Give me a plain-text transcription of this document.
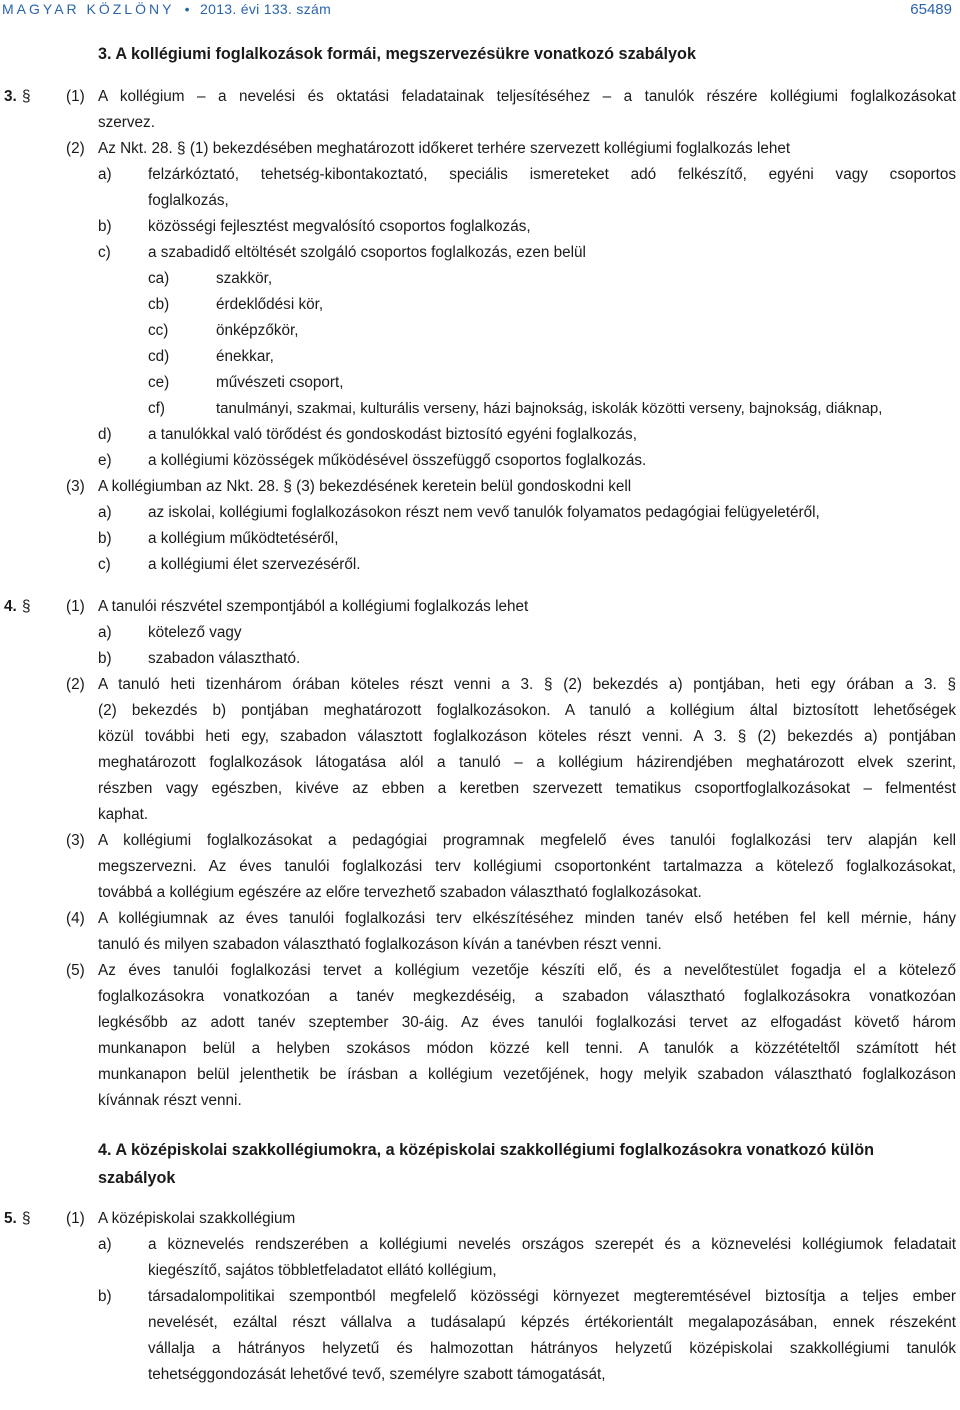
MAGYAR KÖZLÖNY • 2013. évi 133. szám	65489
3. A kollégiumi foglalkozások formái, megszervezésükre vonatkozó szabályok
3. § (1) A kollégium – a nevelési és oktatási feladatainak teljesítéséhez – a tanulók részére kollégiumi foglalkozásokat
szervez.
(2) Az Nkt. 28. § (1) bekezdésében meghatározott időkeret terhére szervezett kollégiumi foglalkozás lehet
a) felzárkóztató, tehetség-kibontakoztató, speciális ismereteket adó felkészítő, egyéni vagy csoportos
foglalkozás,
b) közösségi fejlesztést megvalósító csoportos foglalkozás,
c) a szabadidő eltöltését szolgáló csoportos foglalkozás, ezen belül
ca)	szakkör,
cb)	érdeklődési kör,
cc)	önképzőkör,
cd)	énekkar,
ce)	művészeti csoport,
cf)	tanulmányi, szakmai, kulturális verseny, házi bajnokság, iskolák közötti verseny, bajnokság, diáknap,
d) a tanulókkal való törődést és gondoskodást biztosító egyéni foglalkozás,
e) a kollégiumi közösségek működésével összefüggő csoportos foglalkozás.
(3) A kollégiumban az Nkt. 28. § (3) bekezdésének keretein belül gondoskodni kell
a) az iskolai, kollégiumi foglalkozásokon részt nem vevő tanulók folyamatos pedagógiai felügyeletéről,
b) a kollégium működtetéséről,
c) a kollégiumi élet szervezéséről.
4. § (1) A tanulói részvétel szempontjából a kollégiumi foglalkozás lehet
a) kötelező vagy
b) szabadon választható.
(2) A tanuló heti tizenhárom órában köteles részt venni a 3. § (2) bekezdés a) pontjában, heti egy órában a 3. §
(2) bekezdés b) pontjában meghatározott foglalkozásokon. A tanuló a kollégium által biztosított lehetőségek
közül további heti egy, szabadon választott foglalkozáson köteles részt venni. A 3. § (2) bekezdés a) pontjában
meghatározott foglalkozások látogatása alól a tanuló – a kollégium házirendjében meghatározott elvek szerint,
részben vagy egészben, kivéve az ebben a keretben szervezett tematikus csoportfoglalkozásokat – felmentést
kaphat.
(3) A kollégiumi foglalkozásokat a pedagógiai programnak megfelelő éves tanulói foglalkozási terv alapján kell
megszervezni. Az éves tanulói foglalkozási terv kollégiumi csoportonként tartalmazza a kötelező foglalkozásokat,
továbbá a kollégium egészére az előre tervezhető szabadon választható foglalkozásokat.
(4) A kollégiumnak az éves tanulói foglalkozási terv elkészítéséhez minden tanév első hetében fel kell mérnie, hány
tanuló és milyen szabadon választható foglalkozáson kíván a tanévben részt venni.
(5) Az éves tanulói foglalkozási tervet a kollégium vezetője készíti elő, és a nevelőtestület fogadja el a kötelező
foglalkozásokra vonatkozóan a tanév megkezdéséig, a szabadon választható foglalkozásokra vonatkozóan
legkésőbb az adott tanév szeptember 30-áig. Az éves tanulói foglalkozási tervet az elfogadást követő három
munkanapon belül a helyben szokásos módon közzé kell tenni. A tanulók a közzétételtől számított hét
munkanapon belül jelenthetik be írásban a kollégium vezetőjének, hogy melyik szabadon választható foglalkozáson
kívánnak részt venni.
4. A középiskolai szakkollégiumokra, a középiskolai szakkollégiumi foglalkozásokra vonatkozó külön
szabályok
5. § (1) A középiskolai szakkollégium
a) a köznevelés rendszerében a kollégiumi nevelés országos szerepét és a köznevelési kollégiumok feladatait
kiegészítő, sajátos többletfeladatot ellátó kollégium,
b) társadalompolitikai szempontból megfelelő közösségi környezet megteremtésével biztosítja a teljes ember
nevelését, ezáltal részt vállalva a tudásalapú képzés értékorientált megalapozásában, ennek részeként
vállalja a hátrányos helyzetű és halmozottan hátrányos helyzetű középiskolai szakkollégiumi tanulók
tehetséggondozását lehetővé tevő, személyre szabott támogatását,
